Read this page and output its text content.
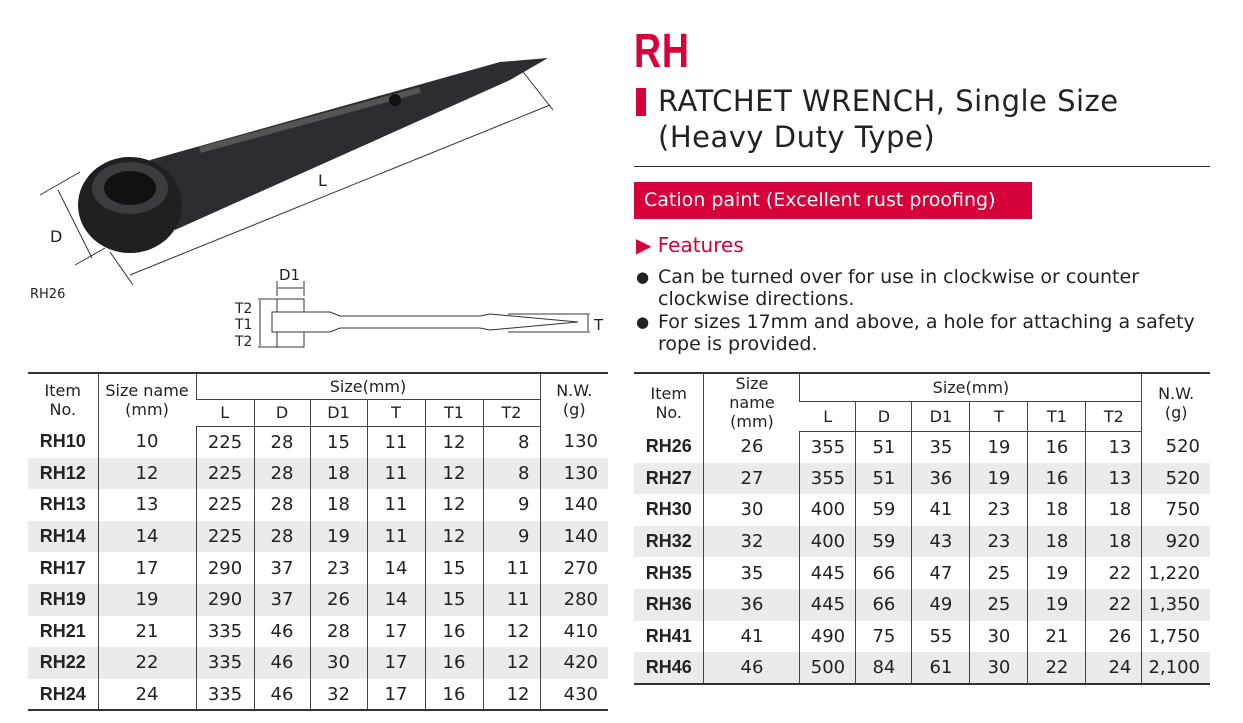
RH
RATCHET WRENCH, Single Size
(Heavy Duty Type)
Cation paint (Excellent rust proofing)
▶ Features
● Can be turned over for use in clockwise or counter clockwise directions.
● For sizes 17mm and above, a hole for attaching a safety rope is provided.
L
D
D1
T2
T1
T2
T
RH26
Item No.	Size name (mm)	Size(mm)						N.W. (g)
		L	D	D1	T	T1	T2	
RH10	10	225	28	15	11	12	8	130
RH12	12	225	28	18	11	12	8	130
RH13	13	225	28	18	11	12	9	140
RH14	14	225	28	19	11	12	9	140
RH17	17	290	37	23	14	15	11	270
RH19	19	290	37	26	14	15	11	280
RH21	21	335	46	28	17	16	12	410
RH22	22	335	46	30	17	16	12	420
RH24	24	335	46	32	17	16	12	430
Item No.	Size name (mm)	Size(mm)						N.W. (g)
		L	D	D1	T	T1	T2	
RH26	26	355	51	35	19	16	13	520
RH27	27	355	51	36	19	16	13	520
RH30	30	400	59	41	23	18	18	750
RH32	32	400	59	43	23	18	18	920
RH35	35	445	66	47	25	19	22	1,220
RH36	36	445	66	49	25	19	22	1,350
RH41	41	490	75	55	30	21	26	1,750
RH46	46	500	84	61	30	22	24	2,100
